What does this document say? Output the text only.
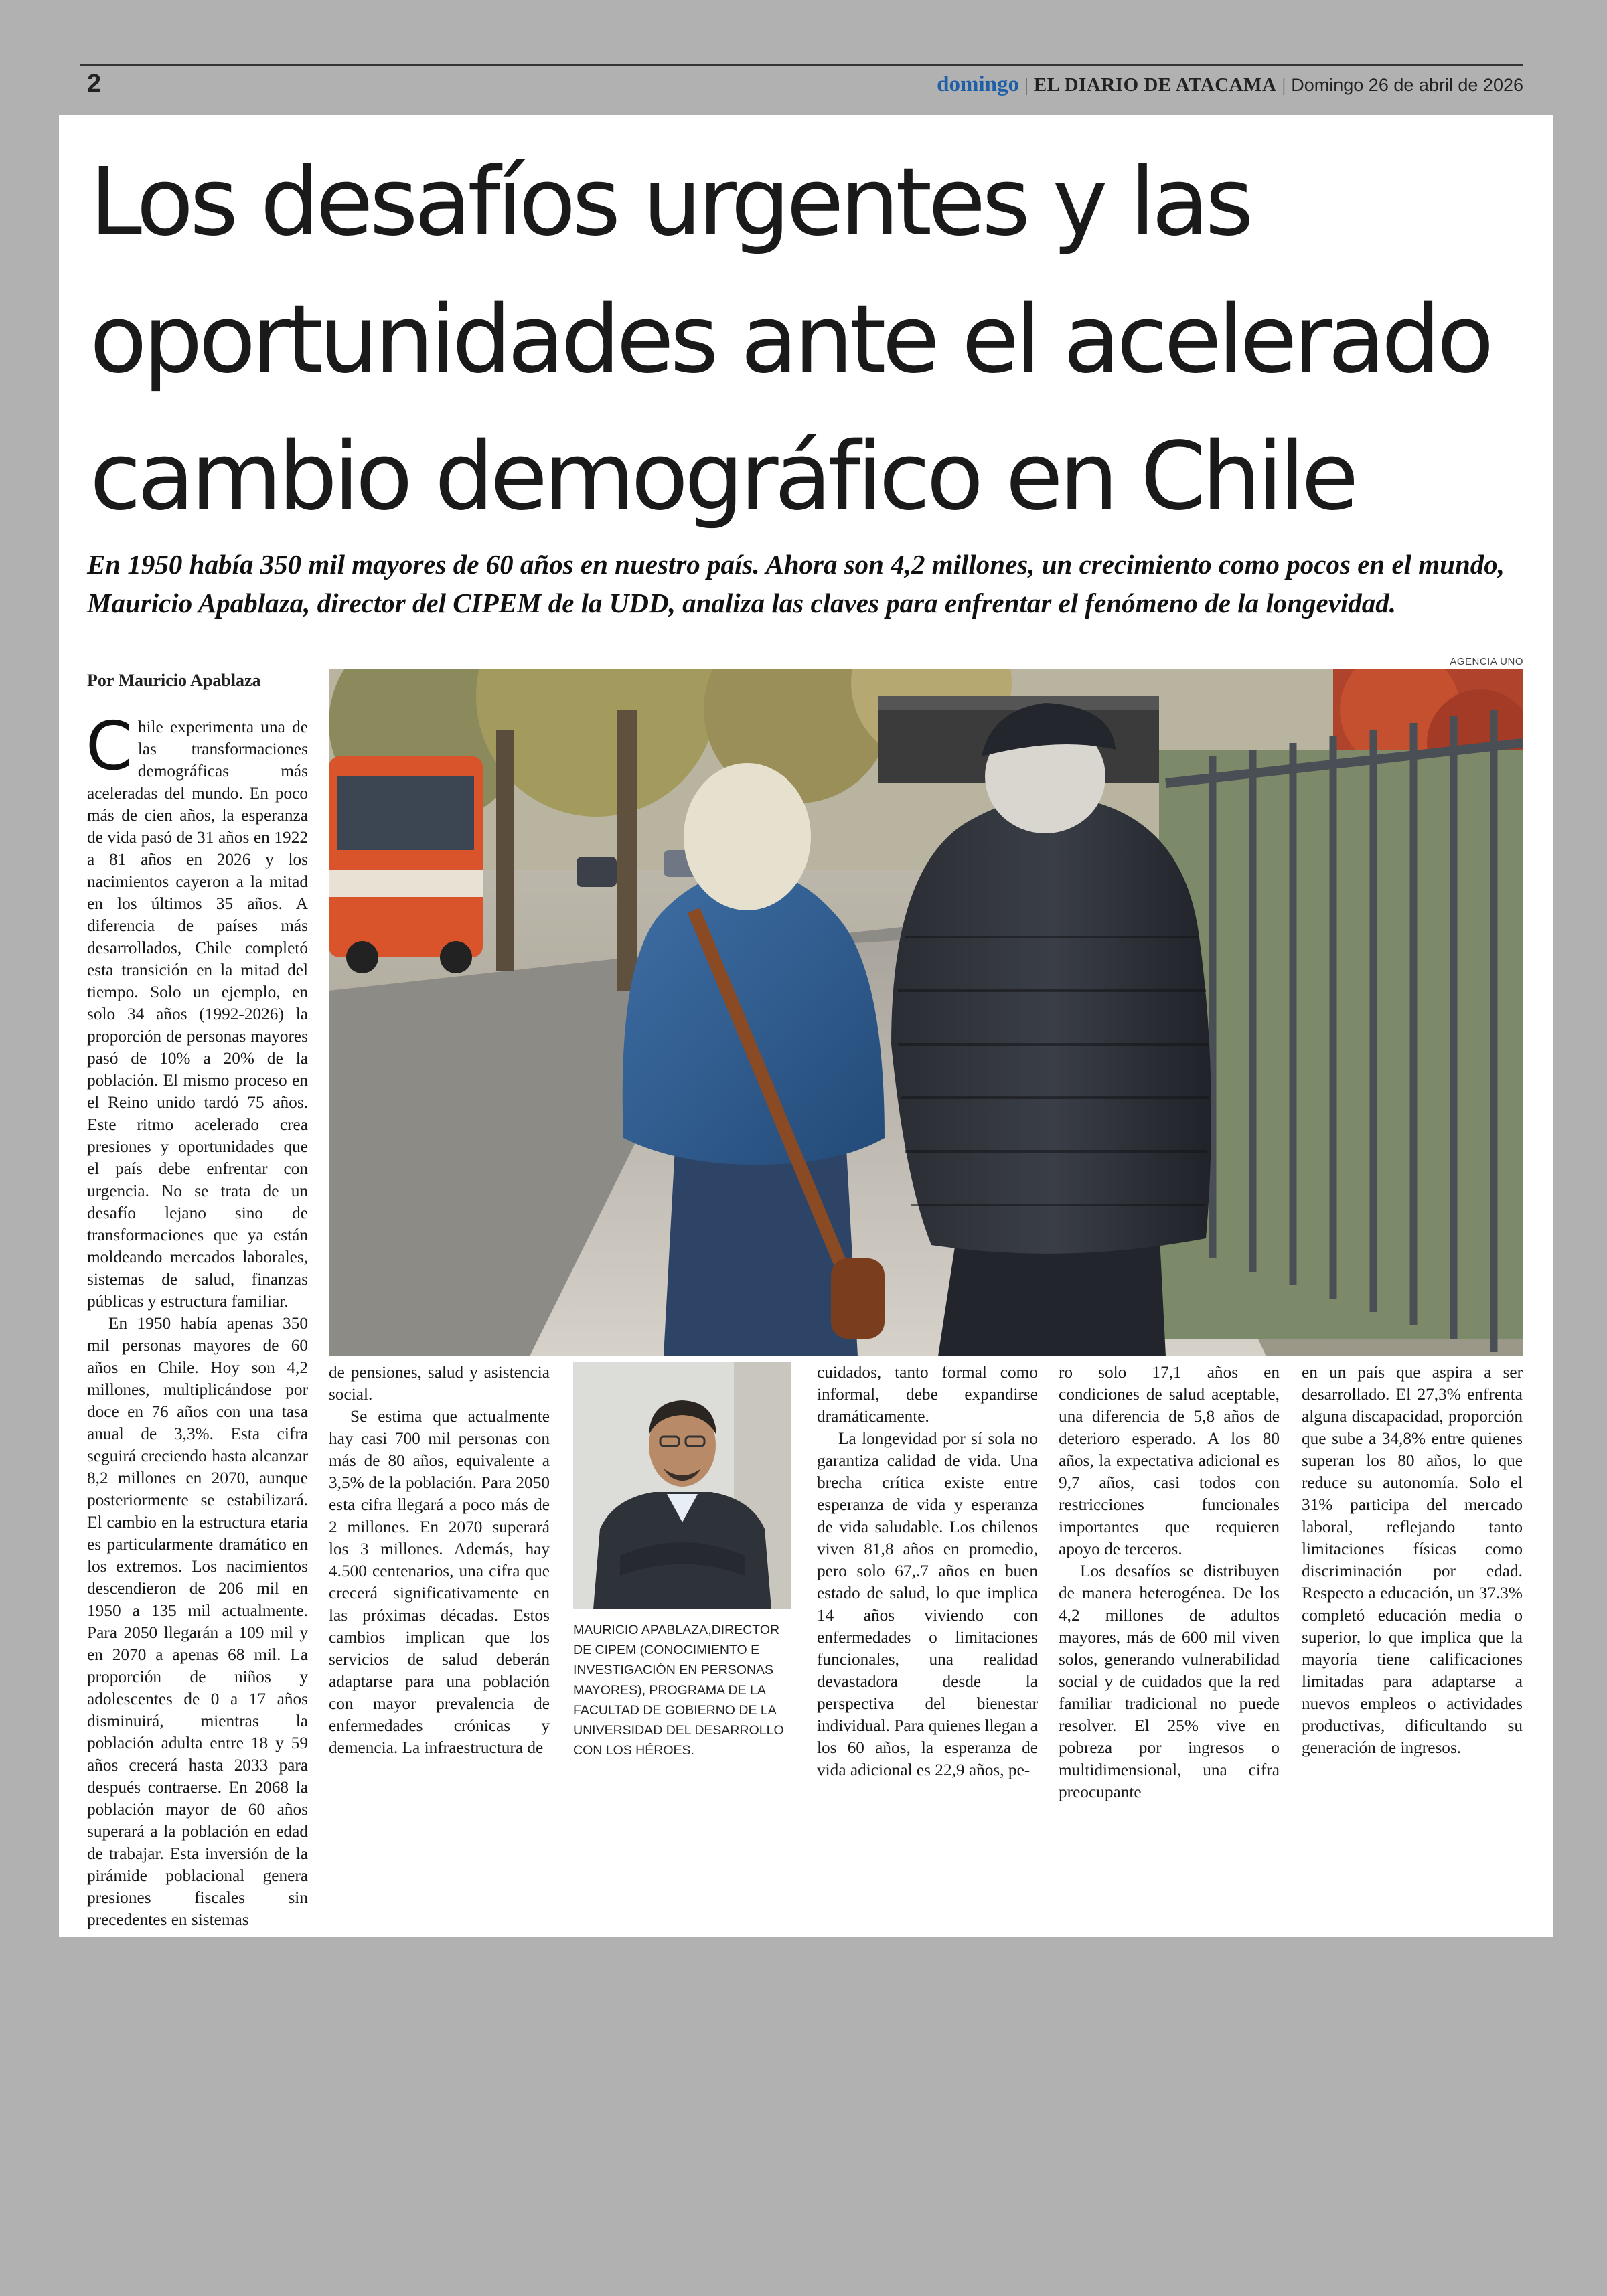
2	domingo | EL DIARIO DE ATACAMA | Domingo 26 de abril de 2026
Los desafíos urgentes y las oportunidades ante el acelerado cambio demográfico en Chile

En 1950 había 350 mil mayores de 60 años en nuestro país. Ahora son 4,2 millones, un crecimiento como pocos en el mundo, Mauricio Apablaza, director del CIPEM de la UDD, analiza las claves para enfrentar el fenómeno de la longevidad.

AGENCIA UNO
Por Mauricio Apablaza

Chile experimenta una de las transformaciones demográficas más aceleradas del mundo. En poco más de cien años, la esperanza de vida pasó de 31 años en 1922 a 81 años en 2026 y los nacimientos cayeron a la mitad en los últimos 35 años. A diferencia de países más desarrollados, Chile completó esta transición en la mitad del tiempo. Solo un ejemplo, en solo 34 años (1992-2026) la proporción de personas mayores pasó de 10% a 20% de la población. El mismo proceso en el Reino unido tardó 75 años. Este ritmo acelerado crea presiones y oportunidades que el país debe enfrentar con urgencia. No se trata de un desafío lejano sino de transformaciones que ya están moldeando mercados laborales, sistemas de salud, finanzas públicas y estructura familiar.

En 1950 había apenas 350 mil personas mayores de 60 años en Chile. Hoy son 4,2 millones, multiplicándose por doce en 76 años con una tasa anual de 3,3%. Esta cifra seguirá creciendo hasta alcanzar 8,2 millones en 2070, aunque posteriormente se estabilizará. El cambio en la estructura etaria es particularmente dramático en los extremos. Los nacimientos descendieron de 206 mil en 1950 a 135 mil actualmente. Para 2050 llegarán a 109 mil y en 2070 a apenas 68 mil. La proporción de niños y adolescentes de 0 a 17 años disminuirá, mientras la población adulta entre 18 y 59 años crecerá hasta 2033 para después contraerse. En 2068 la población mayor de 60 años superará a la población en edad de trabajar. Esta inversión de la pirámide poblacional genera presiones fiscales sin precedentes en sistemas

de pensiones, salud y asistencia social.

Se estima que actualmente hay casi 700 mil personas con más de 80 años, equivalente a 3,5% de la población. Para 2050 esta cifra llegará a poco más de 2 millones. En 2070 superará los 3 millones. Además, hay 4.500 centenarios, una cifra que crecerá significativamente en las próximas décadas. Estos cambios implican que los servicios de salud deberán adaptarse para una población con mayor prevalencia de enfermedades crónicas y demencia. La infraestructura de

MAURICIO APABLAZA,DIRECTOR DE CIPEM (CONOCIMIENTO E INVESTIGACIÓN EN PERSONAS MAYORES), PROGRAMA DE LA FACULTAD DE GOBIERNO DE LA UNIVERSIDAD DEL DESARROLLO CON LOS HÉROES.

cuidados, tanto formal como informal, debe expandirse dramáticamente.

La longevidad por sí sola no garantiza calidad de vida. Una brecha crítica existe entre esperanza de vida y esperanza de vida saludable. Los chilenos viven 81,8 años en promedio, pero solo 67,.7 años en buen estado de salud, lo que implica 14 años viviendo con enfermedades o limitaciones funcionales, una realidad devastadora desde la perspectiva del bienestar individual. Para quienes llegan a los 60 años, la esperanza de vida adicional es 22,9 años, pe-

ro solo 17,1 años en condiciones de salud aceptable, una diferencia de 5,8 años de deterioro esperado. A los 80 años, la expectativa adicional es 9,7 años, casi todos con restricciones funcionales importantes que requieren apoyo de terceros.

Los desafíos se distribuyen de manera heterogénea. De los 4,2 millones de adultos mayores, más de 600 mil viven solos, generando vulnerabilidad social y de cuidados que la red familiar tradicional no puede resolver. El 25% vive en pobreza por ingresos o multidimensional, una cifra preocupante

en un país que aspira a ser desarrollado. El 27,3% enfrenta alguna discapacidad, proporción que sube a 34,8% entre quienes superan los 80 años, lo que reduce su autonomía. Solo el 31% participa del mercado laboral, reflejando tanto limitaciones físicas como discriminación por edad. Respecto a educación, un 37.3% completó educación media o superior, lo que implica que la mayoría tiene calificaciones limitadas para adaptarse a nuevos empleos o actividades productivas, dificultando su generación de ingresos.
